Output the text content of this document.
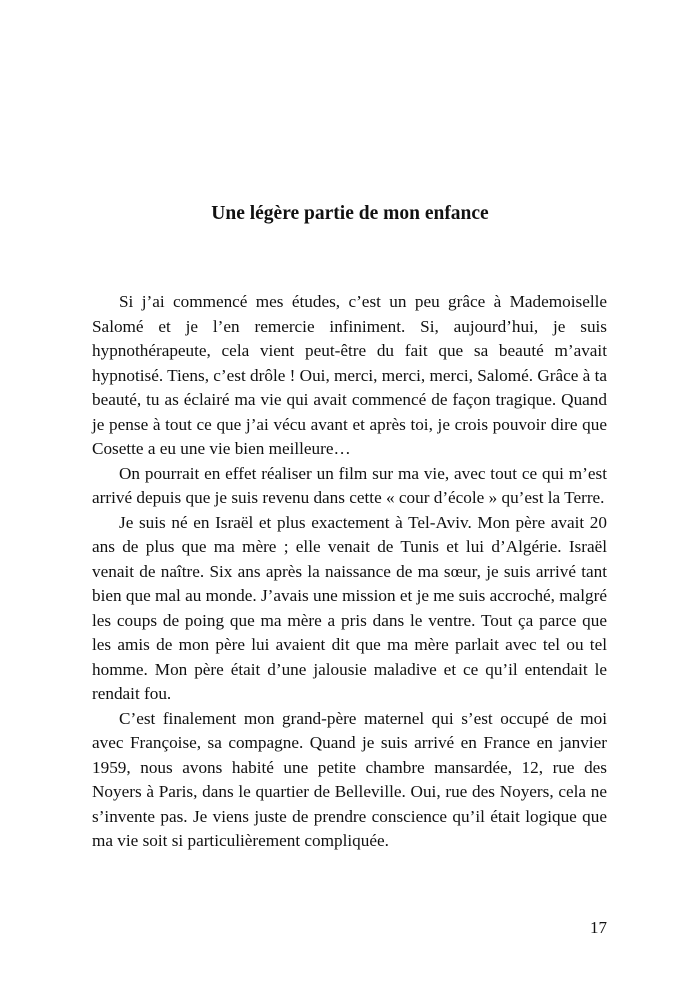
Une légère partie de mon enfance

Si j’ai commencé mes études, c’est un peu grâce à Mademoiselle Salomé et je l’en remercie infiniment. Si, aujourd’hui, je suis hypnothérapeute, cela vient peut-être du fait que sa beauté m’avait hypnotisé. Tiens, c’est drôle ! Oui, merci, merci, merci, Salomé. Grâce à ta beauté, tu as éclairé ma vie qui avait commencé de façon tragique. Quand je pense à tout ce que j’ai vécu avant et après toi, je crois pouvoir dire que Cosette a eu une vie bien meilleure…

On pourrait en effet réaliser un film sur ma vie, avec tout ce qui m’est arrivé depuis que je suis revenu dans cette « cour d’école » qu’est la Terre.

Je suis né en Israël et plus exactement à Tel-Aviv. Mon père avait 20 ans de plus que ma mère ; elle venait de Tunis et lui d’Algérie. Israël venait de naître. Six ans après la naissance de ma sœur, je suis arrivé tant bien que mal au monde. J’avais une mission et je me suis accroché, malgré les coups de poing que ma mère a pris dans le ventre. Tout ça parce que les amis de mon père lui avaient dit que ma mère parlait avec tel ou tel homme. Mon père était d’une jalousie maladive et ce qu’il entendait le rendait fou.

C’est finalement mon grand-père maternel qui s’est occupé de moi avec Françoise, sa compagne. Quand je suis arrivé en France en janvier 1959, nous avons habité une petite chambre mansardée, 12, rue des Noyers à Paris, dans le quartier de Belleville. Oui, rue des Noyers, cela ne s’invente pas. Je viens juste de prendre conscience qu’il était logique que ma vie soit si particulièrement compliquée.

17
